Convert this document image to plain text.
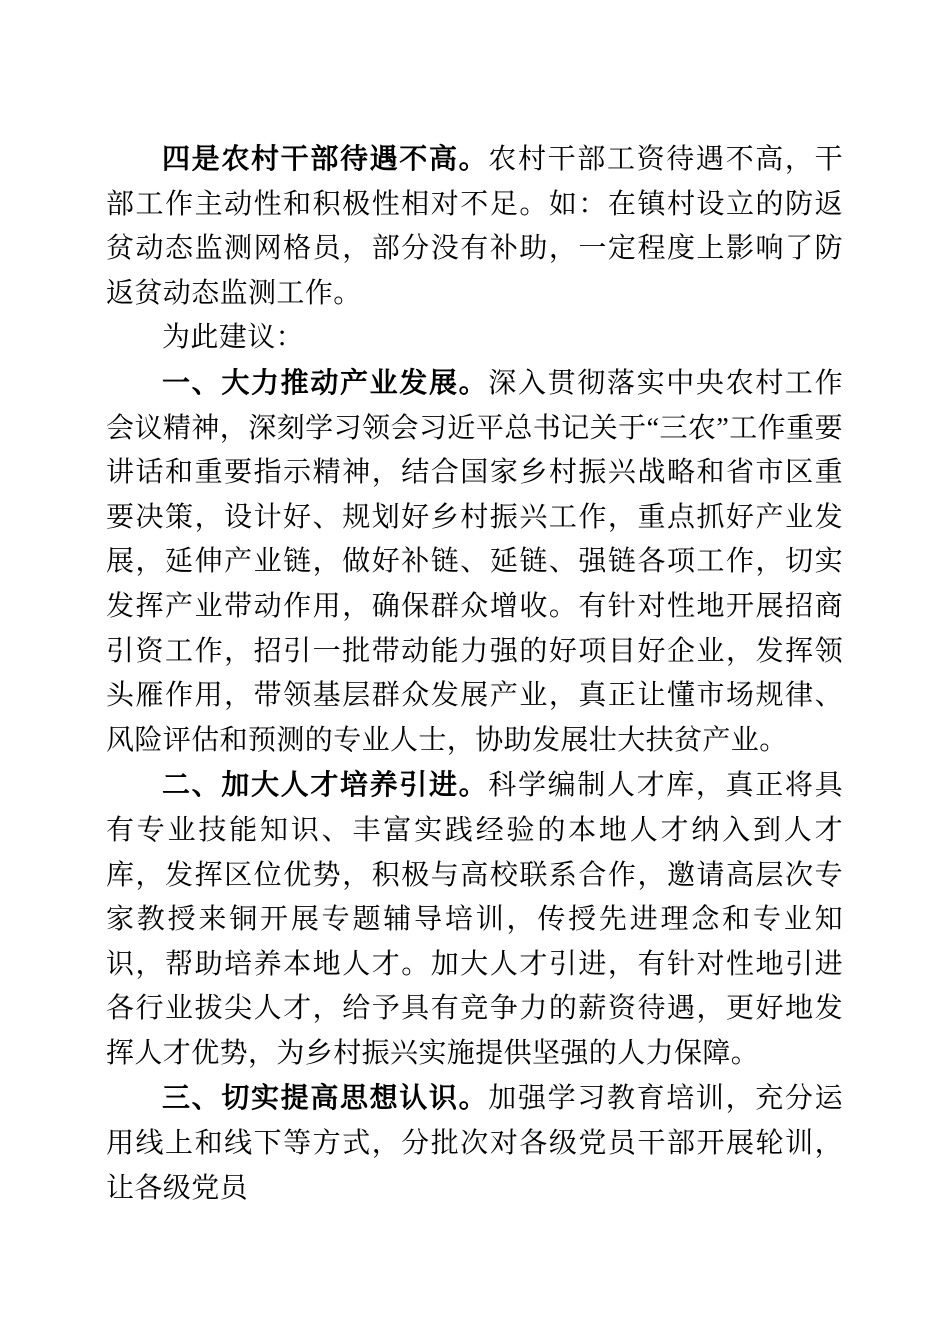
四是农村干部待遇不高。农村干部工资待遇不高，干部工作主动性和积极性相对不足。如：在镇村设立的防返贫动态监测网格员，部分没有补助，一定程度上影响了防返贫动态监测工作。

为此建议：

一、大力推动产业发展。深入贯彻落实中央农村工作会议精神，深刻学习领会习近平总书记关于“三农”工作重要讲话和重要指示精神，结合国家乡村振兴战略和省市区重要决策，设计好、规划好乡村振兴工作，重点抓好产业发展，延伸产业链，做好补链、延链、强链各项工作，切实发挥产业带动作用，确保群众增收。有针对性地开展招商引资工作，招引一批带动能力强的好项目好企业，发挥领头雁作用，带领基层群众发展产业，真正让懂市场规律、风险评估和预测的专业人士，协助发展壮大扶贫产业。

二、加大人才培养引进。科学编制人才库，真正将具有专业技能知识、丰富实践经验的本地人才纳入到人才库，发挥区位优势，积极与高校联系合作，邀请高层次专家教授来铜开展专题辅导培训，传授先进理念和专业知识，帮助培养本地人才。加大人才引进，有针对性地引进各行业拔尖人才，给予具有竞争力的薪资待遇，更好地发挥人才优势，为乡村振兴实施提供坚强的人力保障。

三、切实提高思想认识。加强学习教育培训，充分运用线上和线下等方式，分批次对各级党员干部开展轮训，让各级党员
